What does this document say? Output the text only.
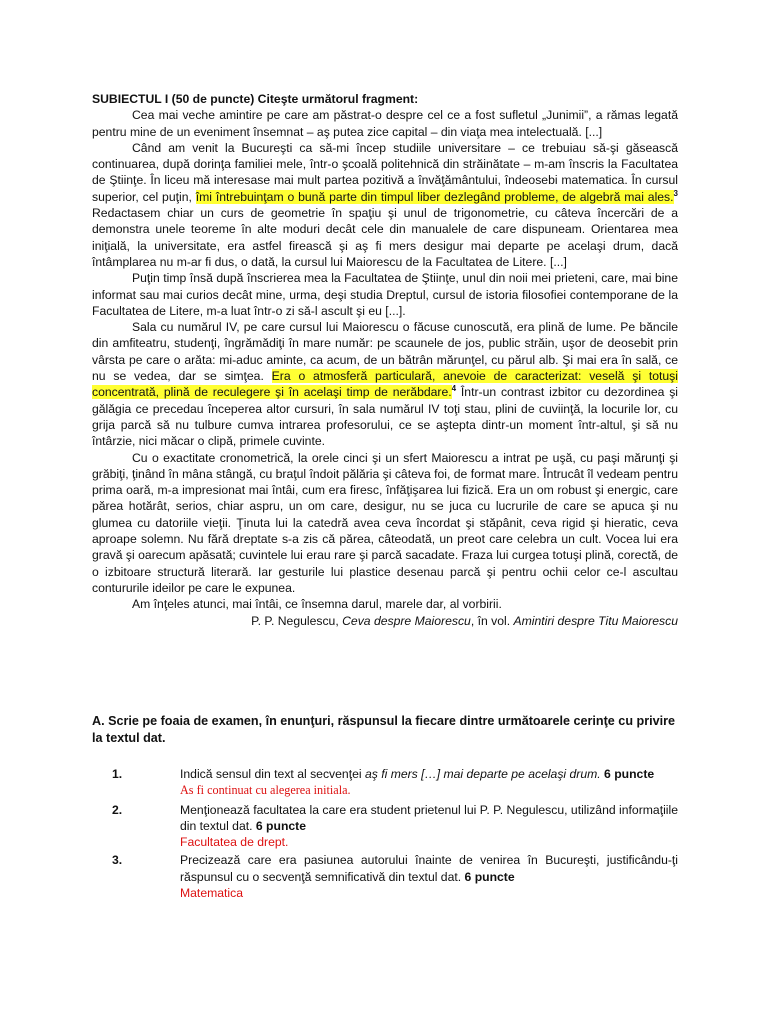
SUBIECTUL I (50 de puncte) Citeşte următorul fragment:

Cea mai veche amintire pe care am păstrat-o despre cel ce a fost sufletul „Junimii”, a rămas legată pentru mine de un eveniment însemnat – aş putea zice capital – din viaţa mea intelectuală. [...]

Când am venit la Bucureşti ca să-mi încep studiile universitare – ce trebuiau să-şi găsească continuarea, după dorinţa familiei mele, într-o şcoală politehnică din străinătate – m-am înscris la Facultatea de Ştiinţe. În liceu mă interesase mai mult partea pozitivă a învăţământului, îndeosebi matematica. În cursul superior, cel puţin, îmi întrebuinţam o bună parte din timpul liber dezlegând probleme, de algebră mai ales.$^3$ Redactasem chiar un curs de geometrie în spaţiu şi unul de trigonometrie, cu câteva încercări de a demonstra unele teoreme în alte moduri decât cele din manualele de care dispuneam. Orientarea mea iniţială, la universitate, era astfel firească şi aş fi mers desigur mai departe pe acelaşi drum, dacă întâmplarea nu m-ar fi dus, o dată, la cursul lui Maiorescu de la Facultatea de Litere. [...]

Puţin timp însă după înscrierea mea la Facultatea de Ştiinţe, unul din noii mei prieteni, care, mai bine informat sau mai curios decât mine, urma, deşi studia Dreptul, cursul de istoria filosofiei contemporane de la Facultatea de Litere, m-a luat într-o zi să-l ascult şi eu [...].

Sala cu numărul IV, pe care cursul lui Maiorescu o făcuse cunoscută, era plină de lume. Pe băncile din amfiteatru, studenţi, îngrămădiţi în mare număr: pe scaunele de jos, public străin, uşor de deosebit prin vârsta pe care o arăta: mi-aduc aminte, ca acum, de un bătrân mărunţel, cu părul alb. Şi mai era în sală, ce nu se vedea, dar se simţea. Era o atmosferă particulară, anevoie de caracterizat: veselă şi totuşi concentrată, plină de reculegere şi în acelaşi timp de nerăbdare.$^4$ Într-un contrast izbitor cu dezordinea şi gălăgia ce precedau începerea altor cursuri, în sala numărul IV toţi stau, plini de cuviinţă, la locurile lor, cu grija parcă să nu tulbure cumva intrarea profesorului, ce se aştepta dintr-un moment într-altul, şi să nu întârzie, nici măcar o clipă, primele cuvinte.

Cu o exactitate cronometrică, la orele cinci şi un sfert Maiorescu a intrat pe uşă, cu paşi mărunţi şi grăbiţi, ţinând în mâna stângă, cu braţul îndoit pălăria şi câteva foi, de format mare. Întrucât îl vedeam pentru prima oară, m-a impresionat mai întâi, cum era firesc, înfăţişarea lui fizică. Era un om robust şi energic, care părea hotărât, serios, chiar aspru, un om care, desigur, nu se juca cu lucrurile de care se apuca şi nu glumea cu datoriile vieţii. Ţinuta lui la catedră avea ceva încordat şi stăpânit, ceva rigid şi hieratic, ceva aproape solemn. Nu fără dreptate s-a zis că părea, câteodată, un preot care celebra un cult. Vocea lui era gravă şi oarecum apăsată; cuvintele lui erau rare şi parcă sacadate. Fraza lui curgea totuşi plină, corectă, de o izbitoare structură literară. Iar gesturile lui plastice desenau parcă şi pentru ochii celor ce-l ascultau contururile ideilor pe care le expunea.

Am înţeles atunci, mai întâi, ce însemna darul, marele dar, al vorbirii.

P. P. Negulescu, Ceva despre Maiorescu, în vol. Amintiri despre Titu Maiorescu

A. Scrie pe foaia de examen, în enunţuri, răspunsul la fiecare dintre următoarele cerinţe cu privire la textul dat.
1.	Indică sensul din text al secvenţei aş fi mers […] mai departe pe acelaşi drum. 6 puncte
As fi continuat cu alegerea initiala.
2.	Menţionează facultatea la care era student prietenul lui P. P. Negulescu, utilizând informaţiile din textul dat. 6 puncte
Facultatea de drept.
3.	Precizează care era pasiunea autorului înainte de venirea în Bucureşti, justificându-ţi răspunsul cu o secvenţă semnificativă din textul dat. 6 puncte
Matematica
